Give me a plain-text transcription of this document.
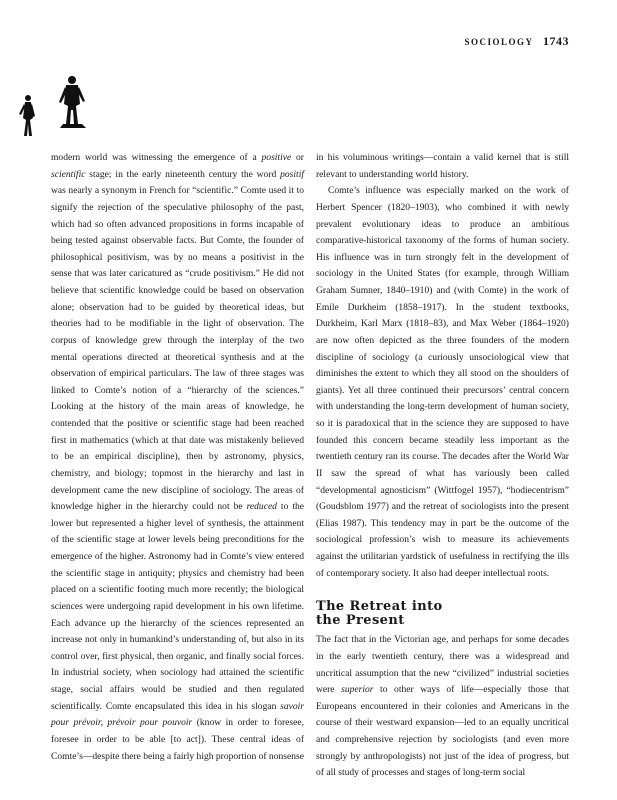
SOCIOLOGY 1743

modern world was witnessing the emergence of a positive or scientific stage; in the early nineteenth century the word positif was nearly a synonym in French for “scientific.” Comte used it to signify the rejection of the speculative philosophy of the past, which had so often advanced propositions in forms incapable of being tested against observable facts. But Comte, the founder of philosophical positivism, was by no means a positivist in the sense that was later caricatured as “crude positivism.” He did not believe that scientific knowledge could be based on observation alone; observation had to be guided by theoretical ideas, but theories had to be modifiable in the light of observation. The corpus of knowledge grew through the interplay of the two mental operations directed at theoretical synthesis and at the observation of empirical particulars. The law of three stages was linked to Comte’s notion of a “hierarchy of the sciences.” Looking at the history of the main areas of knowledge, he contended that the positive or scientific stage had been reached first in mathematics (which at that date was mistakenly believed to be an empirical discipline), then by astronomy, physics, chemistry, and biology; topmost in the hierarchy and last in development came the new discipline of sociology. The areas of knowledge higher in the hierarchy could not be reduced to the lower but represented a higher level of synthesis, the attainment of the scientific stage at lower levels being preconditions for the emergence of the higher. Astronomy had in Comte’s view entered the scientific stage in antiquity; physics and chemistry had been placed on a scientific footing much more recently; the biological sciences were undergoing rapid development in his own lifetime. Each advance up the hierarchy of the sciences represented an increase not only in humankind’s understanding of, but also in its control over, first physical, then organic, and finally social forces. In industrial society, when sociology had attained the scientific stage, social affairs would be studied and then regulated scientifically. Comte encapsulated this idea in his slogan savoir pour prévoir, prévoir pour pouvoir (know in order to foresee, foresee in order to be able [to act]). These central ideas of Comte’s—despite there being a fairly high proportion of nonsense

in his voluminous writings—contain a valid kernel that is still relevant to understanding world history.

Comte’s influence was especially marked on the work of Herbert Spencer (1820–1903), who combined it with newly prevalent evolutionary ideas to produce an ambitious comparative-historical taxonomy of the forms of human society. His influence was in turn strongly felt in the development of sociology in the United States (for example, through William Graham Sumner, 1840–1910) and (with Comte) in the work of Emile Durkheim (1858–1917). In the student textbooks, Durkheim, Karl Marx (1818–83), and Max Weber (1864–1920) are now often depicted as the three founders of the modern discipline of sociology (a curiously unsociological view that diminishes the extent to which they all stood on the shoulders of giants). Yet all three continued their precursors’ central concern with understanding the long-term development of human society, so it is paradoxical that in the science they are supposed to have founded this concern became steadily less important as the twentieth century ran its course. The decades after the World War II saw the spread of what has variously been called “developmental agnosticism” (Wittfogel 1957), “hodiecentrism” (Goudsblom 1977) and the retreat of sociologists into the present (Elias 1987). This tendency may in part be the outcome of the sociological profession’s wish to measure its achievements against the utilitarian yardstick of usefulness in rectifying the ills of contemporary society. It also had deeper intellectual roots.

The Retreat into
the Present

The fact that in the Victorian age, and perhaps for some decades in the early twentieth century, there was a widespread and uncritical assumption that the new “civilized” industrial societies were superior to other ways of life—especially those that Europeans encountered in their colonies and Americans in the course of their westward expansion—led to an equally uncritical and comprehensive rejection by sociologists (and even more strongly by anthropologists) not just of the idea of progress, but of all study of processes and stages of long-term social
